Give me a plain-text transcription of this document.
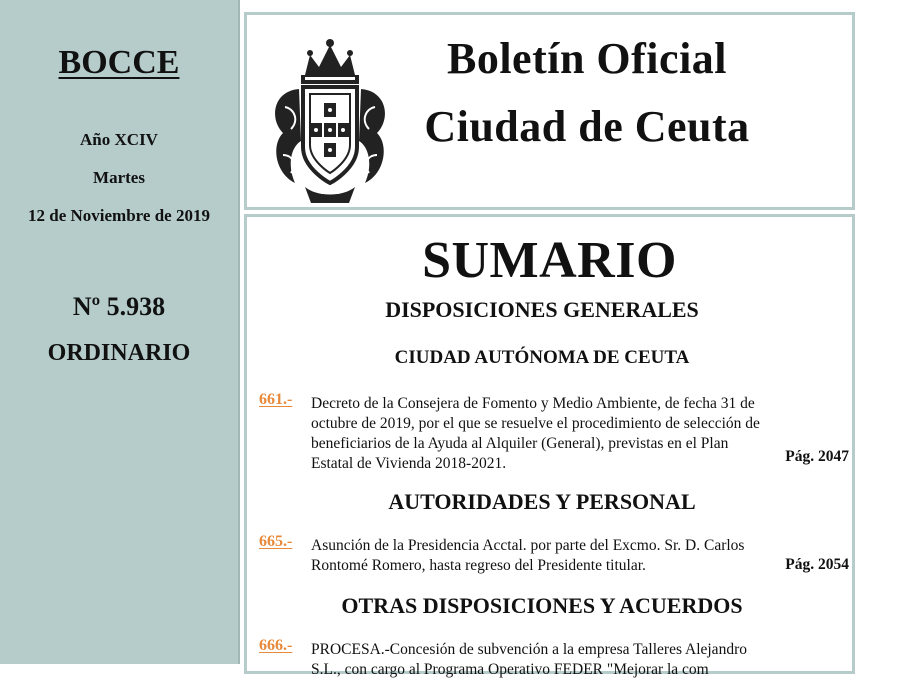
BOCCE
Año XCIV
Martes
12 de Noviembre de 2019
Nº 5.938
ORDINARIO
Boletín Oficial
Ciudad de Ceuta
SUMARIO
DISPOSICIONES GENERALES
CIUDAD AUTÓNOMA DE CEUTA
661.- Decreto de la Consejera de Fomento y Medio Ambiente, de fecha 31 de octubre de 2019, por el que se resuelve el procedimiento de selección de beneficiarios de la Ayuda al Alquiler (General), previstas en el Plan Estatal de Vivienda 2018-2021.	Pág. 2047
AUTORIDADES Y PERSONAL
665.- Asunción de la Presidencia Acctal. por parte del Excmo. Sr. D. Carlos Rontomé Romero, hasta regreso del Presidente titular.	Pág. 2054
OTRAS DISPOSICIONES Y ACUERDOS
666.- PROCESA.-Concesión de subvención a la empresa Talleres Alejandro S.L., con cargo al Programa Operativo FEDER "Mejorar la com
